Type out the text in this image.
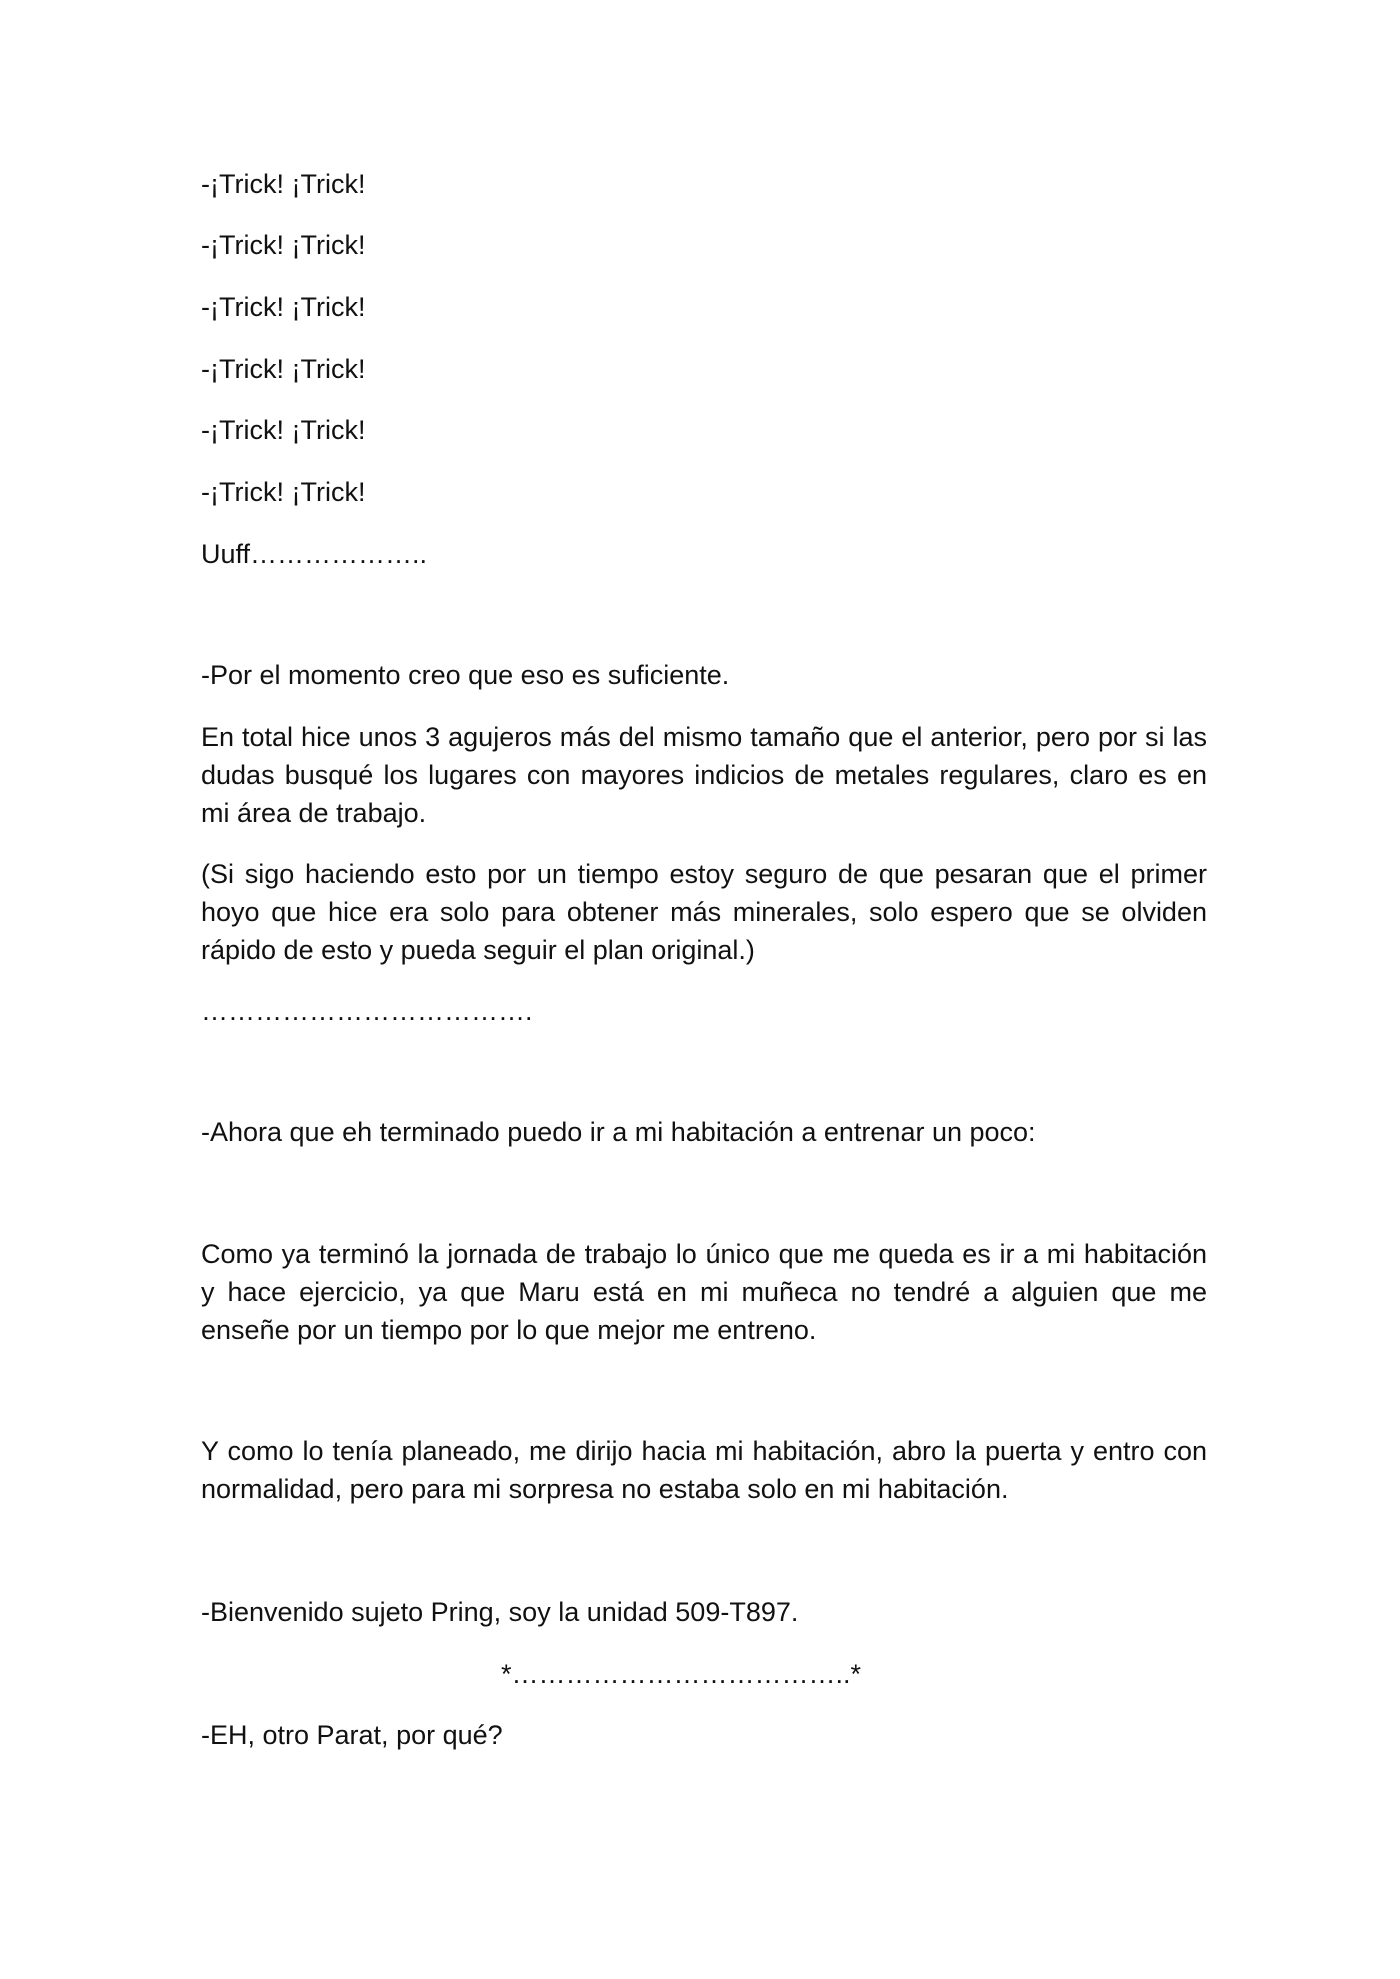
-¡Trick! ¡Trick!

-¡Trick! ¡Trick!

-¡Trick! ¡Trick!

-¡Trick! ¡Trick!

-¡Trick! ¡Trick!

-¡Trick! ¡Trick!

Uuff………………..

-Por el momento creo que eso es suficiente.

En total hice unos 3 agujeros más del mismo tamaño que el anterior, pero por si las dudas busqué los lugares con mayores indicios de metales regulares, claro es en mi área de trabajo.

(Si sigo haciendo esto por un tiempo estoy seguro de que pesaran que el primer hoyo que hice era solo para obtener más minerales, solo espero que se olviden rápido de esto y pueda seguir el plan original.)

……………………………….

-Ahora que eh terminado puedo ir a mi habitación a entrenar un poco:

Como ya terminó la jornada de trabajo lo único que me queda es ir a mi habitación y hace ejercicio, ya que Maru está en mi muñeca no tendré a alguien que me enseñe por un tiempo por lo que mejor me entreno.

Y como lo tenía planeado, me dirijo hacia mi habitación, abro la puerta y entro con normalidad, pero para mi sorpresa no estaba solo en mi habitación.

-Bienvenido sujeto Pring, soy la unidad 509-T897.

*………………………………..*

-EH, otro Parat, por qué?
